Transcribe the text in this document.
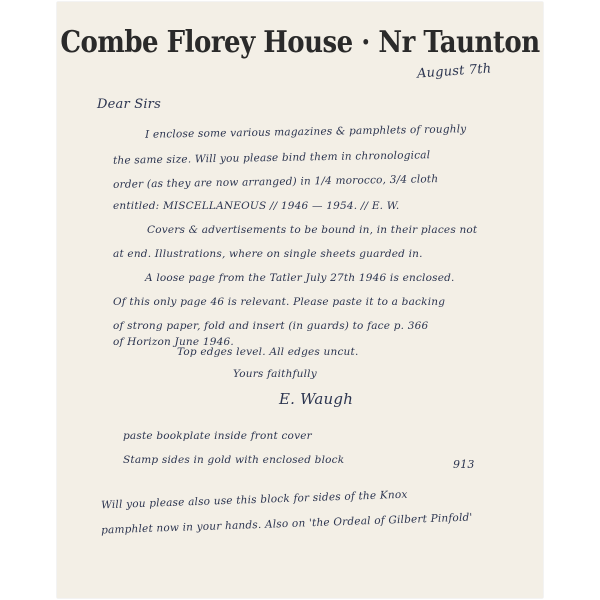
Combe Florey House · Nr Taunton
August 7th
Dear Sirs
I enclose some various magazines & pamphlets of roughly
the same size. Will you please bind them in chronological
order (as they are now arranged) in 1/4 morocco, 3/4 cloth
entitled: MISCELLANEOUS // 1946 — 1954. // E. W.
Covers & advertisements to be bound in, in their places not
at end. Illustrations, where on single sheets guarded in.
A loose page from the Tatler July 27th 1946 is enclosed.
Of this only page 46 is relevant. Please paste it to a backing
of strong paper, fold and insert (in guards) to face p. 366
of Horizon June 1946.
Top edges level. All edges uncut.
Yours faithfully
E. Waugh
paste bookplate inside front cover
Stamp sides in gold with enclosed block	913
Will you please also use this block for sides of the Knox
pamphlet now in your hands. Also on 'the Ordeal of Gilbert Pinfold'
